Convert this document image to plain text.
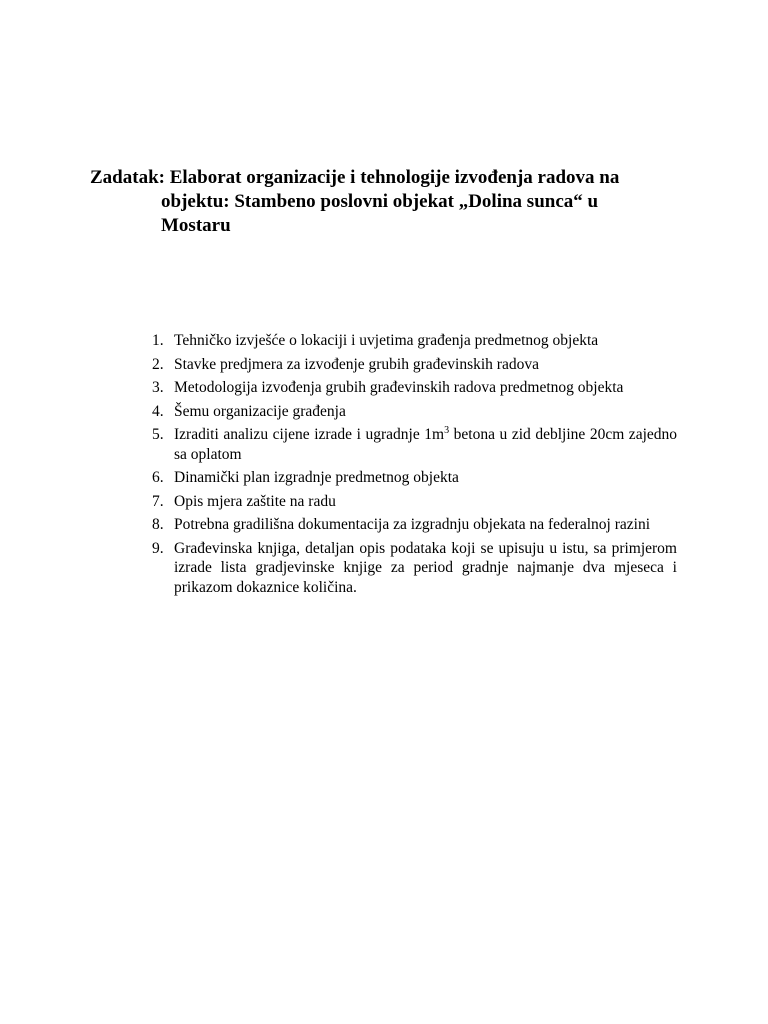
Zadatak: Elaborat organizacije i tehnologije izvođenja radova na
objektu: Stambeno poslovni objekat „Dolina sunca“ u
Mostaru
1. Tehničko izvješće o lokaciji i uvjetima građenja predmetnog objekta
2. Stavke predjmera za izvođenje grubih građevinskih radova
3. Metodologija izvođenja grubih građevinskih radova predmetnog objekta
4. Šemu organizacije građenja
5. Izraditi analizu cijene izrade i ugradnje $1m^3$ betona u zid debljine 20cm zajedno sa oplatom
6. Dinamički plan izgradnje predmetnog objekta
7. Opis mjera zaštite na radu
8. Potrebna gradilišna dokumentacija za izgradnju objekata na federalnoj razini
9. Građevinska knjiga, detaljan opis podataka koji se upisuju u istu, sa primjerom izrade lista gradjevinske knjige za period gradnje najmanje dva mjeseca i prikazom dokaznice količina.
